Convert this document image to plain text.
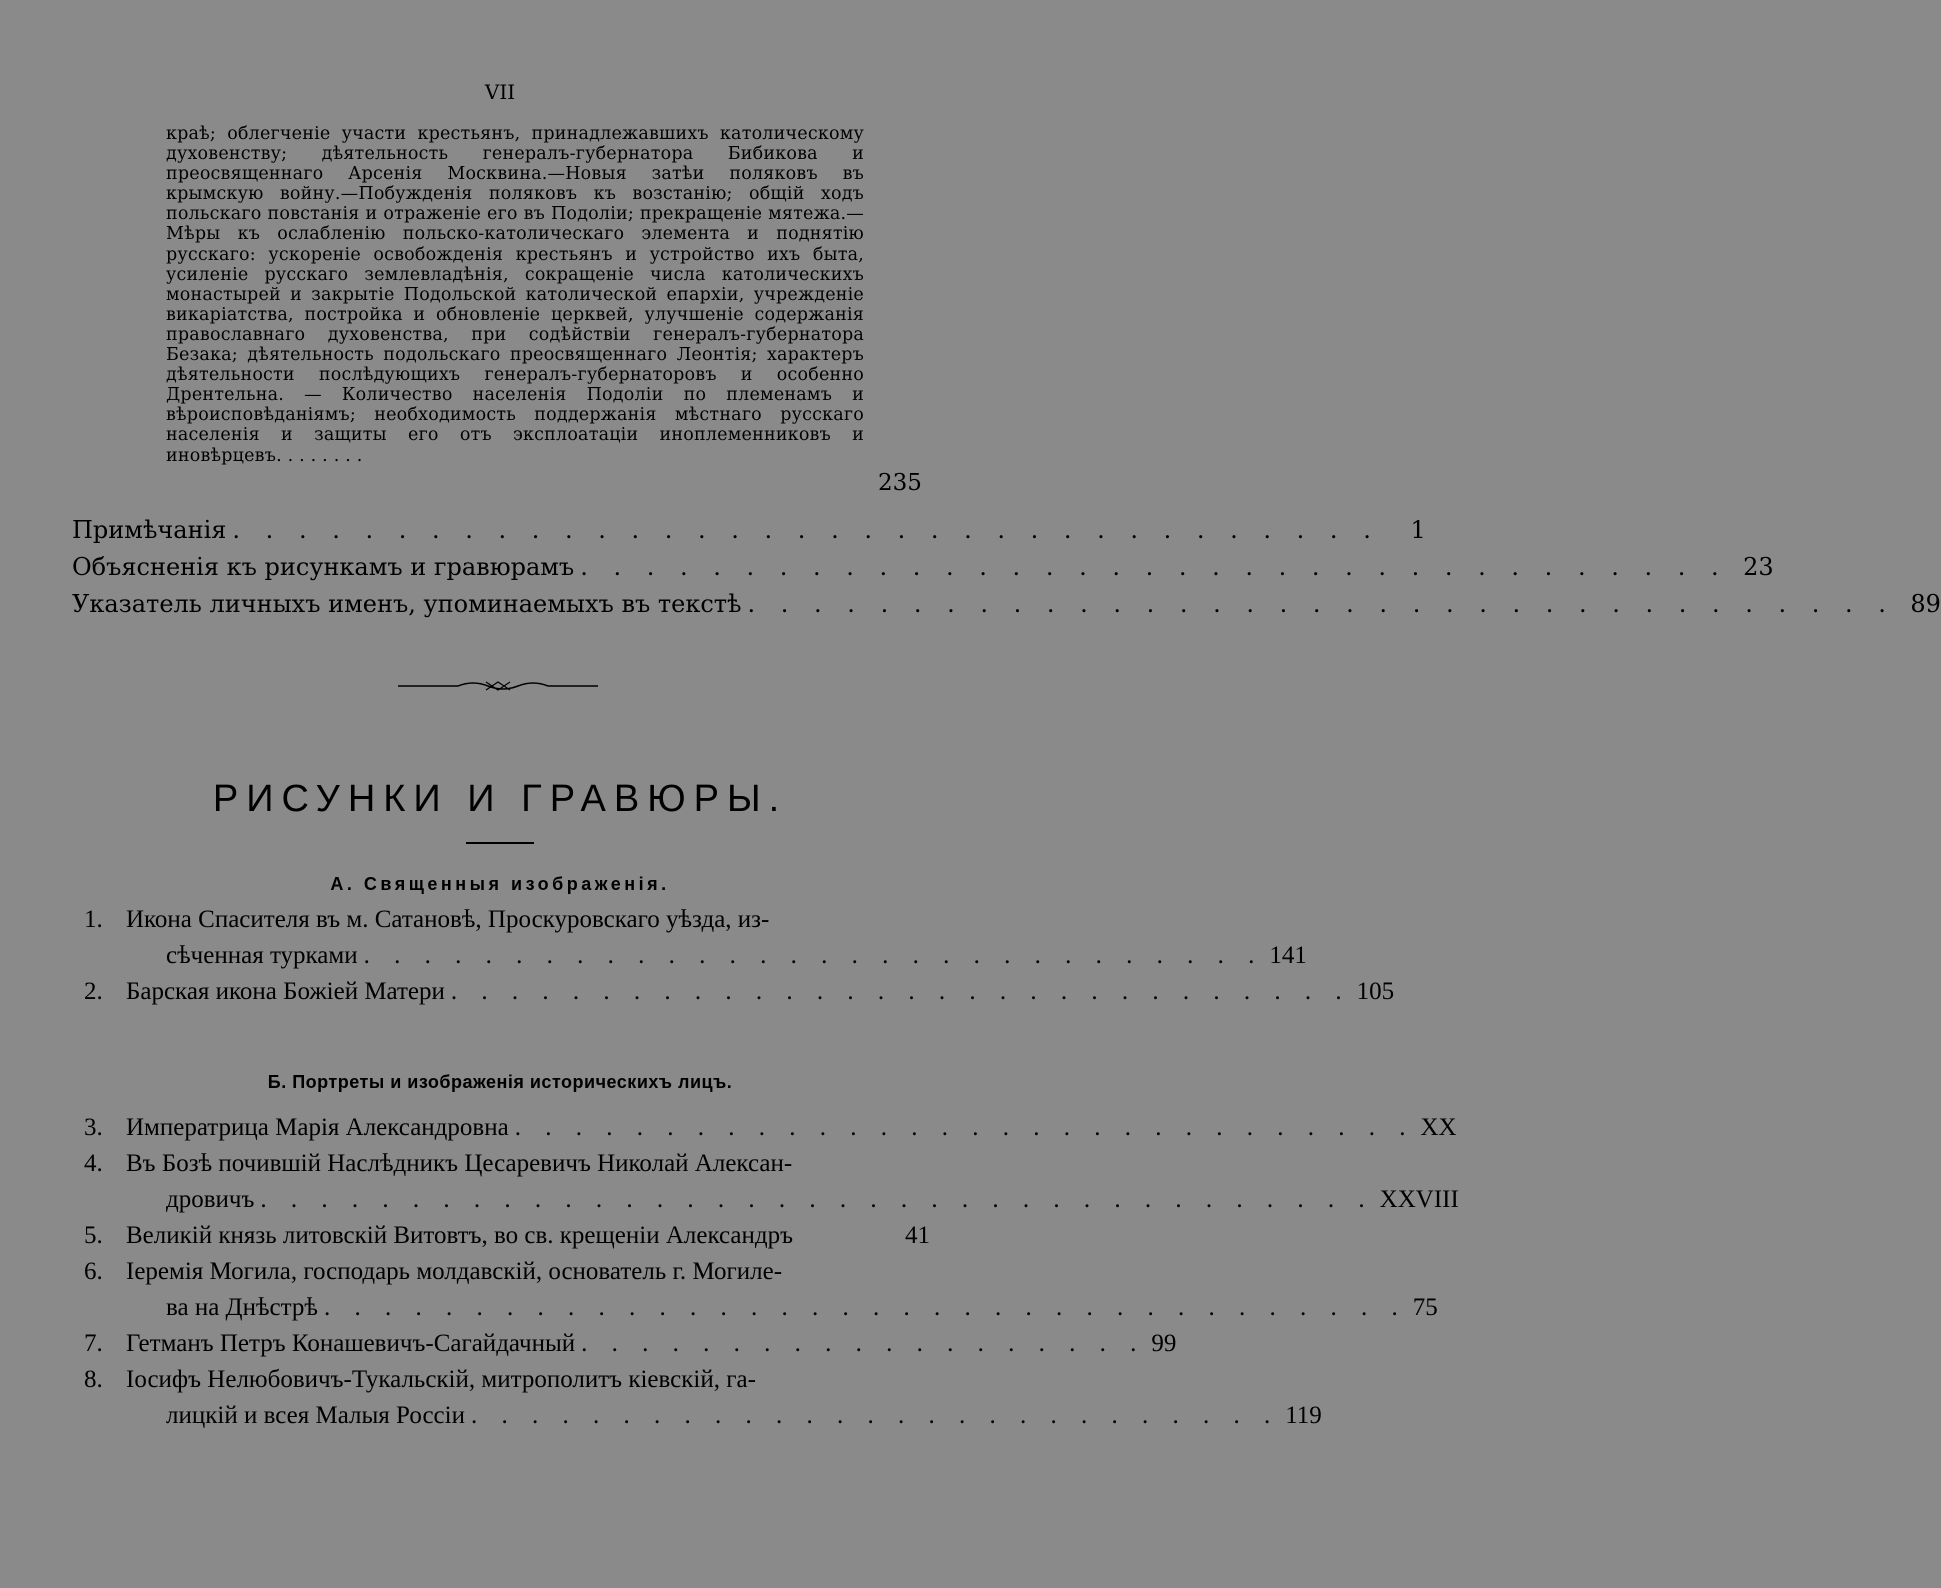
VII
краѣ; облегченіе участи крестьянъ, принадлежавшихъ католическому духовенству; дѣятельность генералъ-губернатора Бибикова и преосвященнаго Арсенія Москвина.—Новыя затѣи поляковъ въ крымскую войну.—Побужденія поляковъ къ возстанію; общій ходъ польскаго повстанія и отраженіе его въ Подоліи; прекращеніе мятежа.—Мѣры къ ослабленію польско-католическаго элемента и поднятію русскаго: ускореніе освобожденія крестьянъ и устройство ихъ быта, усиленіе русскаго землевладѣнія, сокращеніе числа католическихъ монастырей и закрытіе Подольской католической епархіи, учрежденіе викаріатства, постройка и обновленіе церквей, улучшеніе содержанія православнаго духовенства, при содѣйствіи генералъ-губернатора Безака; дѣятельность подольскаго преосвященнаго Леонтія; характеръ дѣятельности послѣдующихъ генералъ-губернаторовъ и особенно Дрентельна. — Количество населенія Подоліи по племенамъ и вѣроисповѣданіямъ; необходимость поддержанія мѣстнаго русскаго населенія и защиты его отъ эксплоатаціи иноплеменниковъ и иновѣрцевъ. . . . . . . .
235
Примѣчанія . . . . . . . . . . . . . . . . . . . . . . . . . . . . . . . . . . .	1
Объясненія къ рисункамъ и гравюрамъ . . . . . . . . . . . . . . . . . . . . . . . . . . . . . . . . . . . 23
Указатель личныхъ именъ, упоминаемыхъ въ текстѣ . . . . . . . . . . . . . . . . . . . . . . . . . . . . . . . . . . . 89
РИСУНКИ И ГРАВЮРЫ.
А. Священныя изображенія.
1. Икона Спасителя въ м. Сатановѣ, Проскуровскаго уѣзда, из-
сѣченная турками . . . . . . . . . . . . . . . . . . . . . . . . . . . . . . 141
2. Барская икона Божіей Матери . . . . . . . . . . . . . . . . . . . . . . . . . . . . . . 105
Б. Портреты и изображенія историческихъ лицъ.
3. Императрица Марія Александровна . . . . . . . . . . . . . . . . . . . . . . . . . . . . . . XX
4. Въ Бозѣ почившій Наслѣдникъ Цесаревичъ Николай Алексан-
дровичъ . . . . . . . . . . . . . . . . . . . . . . . . . . . . . . . . . . . . . XXVIII
5. Великій князь литовскій Витовтъ, во св. крещеніи Александръ	41
6. Іеремія Могила, господарь молдавскій, основатель г. Могиле-
ва на Днѣстрѣ . . . . . . . . . . . . . . . . . . . . . . . . . . . . . . . . . . . . 75
7. Гетманъ Петръ Конашевичъ-Сагайдачный . . . . . . . . . . . . . . . . . . . 99
8. Іосифъ Нелюбовичъ-Тукальскій, митрополитъ кіевскій, га-
лицкій и всея Малыя Россіи . . . . . . . . . . . . . . . . . . . . . . . . . . . 119
